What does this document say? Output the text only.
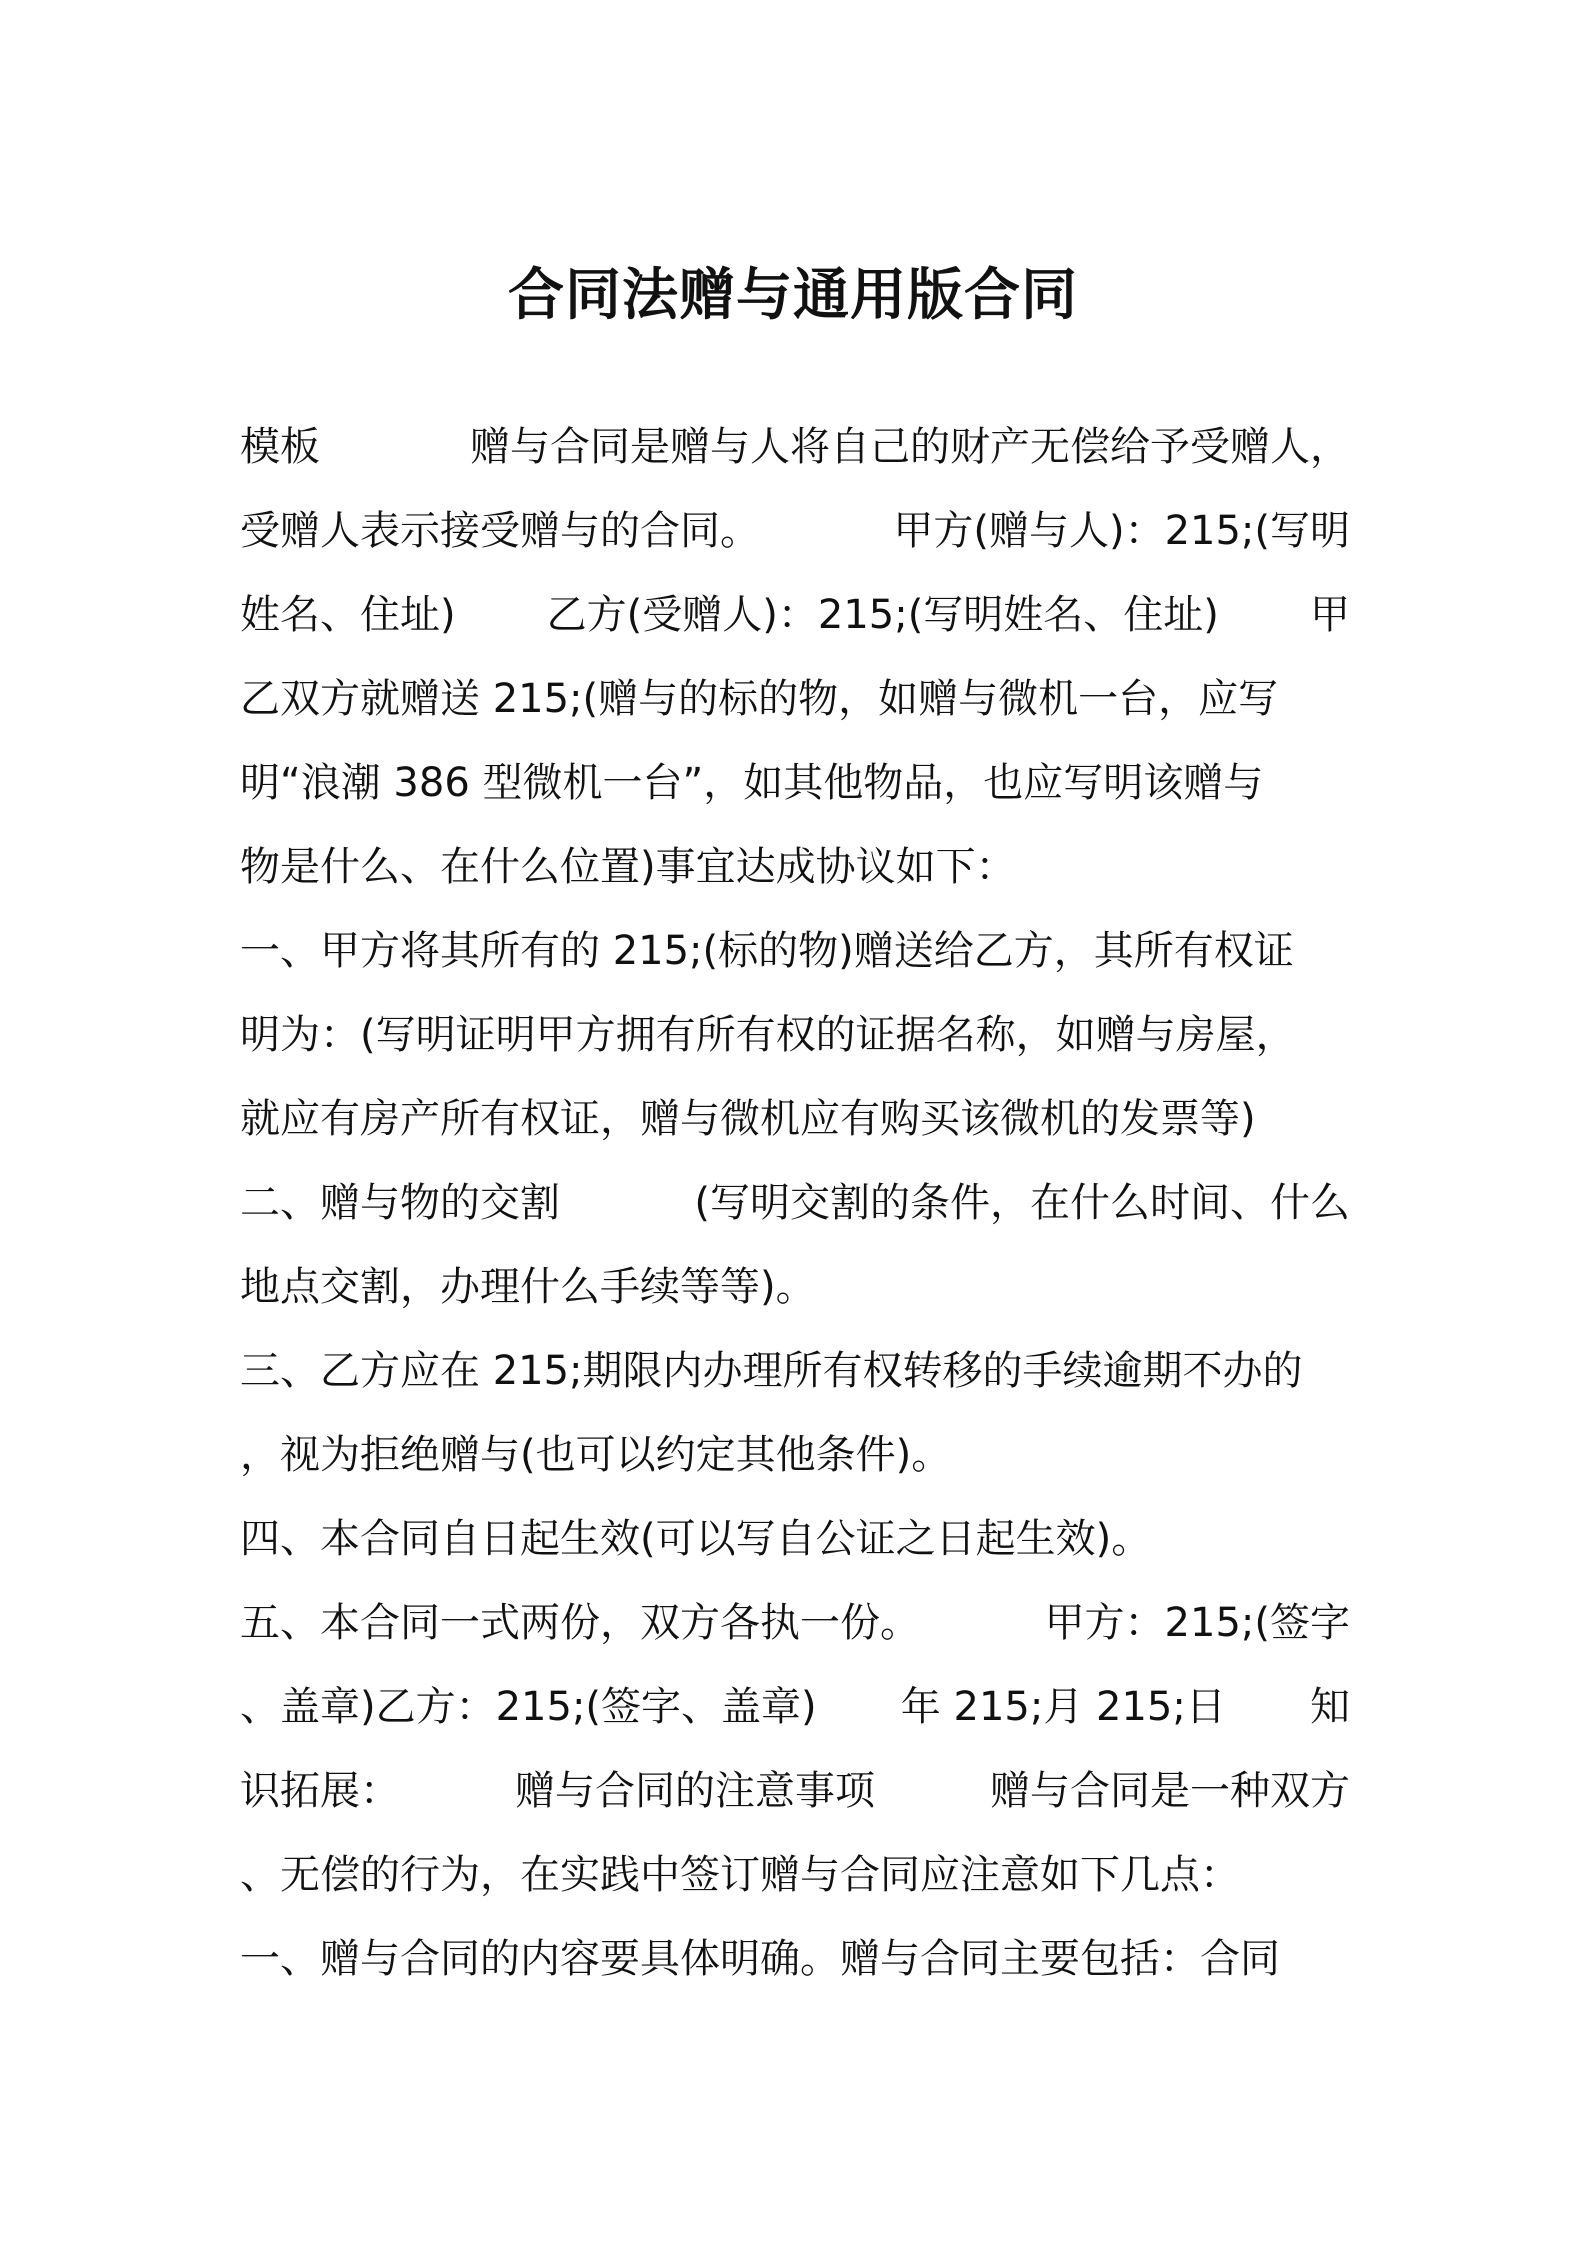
合同法赠与通用版合同
模板	赠与合同是赠与人将自己的财产无偿给予受赠人，
受赠人表示接受赠与的合同。	甲方(赠与人)：215;(写明
姓名、住址) 乙方(受赠人)：215;(写明姓名、住址) 甲
乙双方就赠送 215;(赠与的标的物，如赠与微机一台，应写
明“浪潮 386 型微机一台”，如其他物品，也应写明该赠与
物是什么、在什么位置)事宜达成协议如下：
一、甲方将其所有的 215;(标的物)赠送给乙方，其所有权证
明为：(写明证明甲方拥有所有权的证据名称，如赠与房屋，
就应有房产所有权证，赠与微机应有购买该微机的发票等)
二、赠与物的交割	(写明交割的条件，在什么时间、什么
地点交割，办理什么手续等等)。
三、乙方应在 215;期限内办理所有权转移的手续逾期不办的
，视为拒绝赠与(也可以约定其他条件)。
四、本合同自日起生效(可以写自公证之日起生效)。
五、本合同一式两份，双方各执一份。	甲方：215;(签字
、盖章)乙方：215;(签字、盖章) 年 215;月 215;日 知
识拓展：	赠与合同的注意事项	赠与合同是一种双方
、无偿的行为，在实践中签订赠与合同应注意如下几点：
一、赠与合同的内容要具体明确。赠与合同主要包括：合同
